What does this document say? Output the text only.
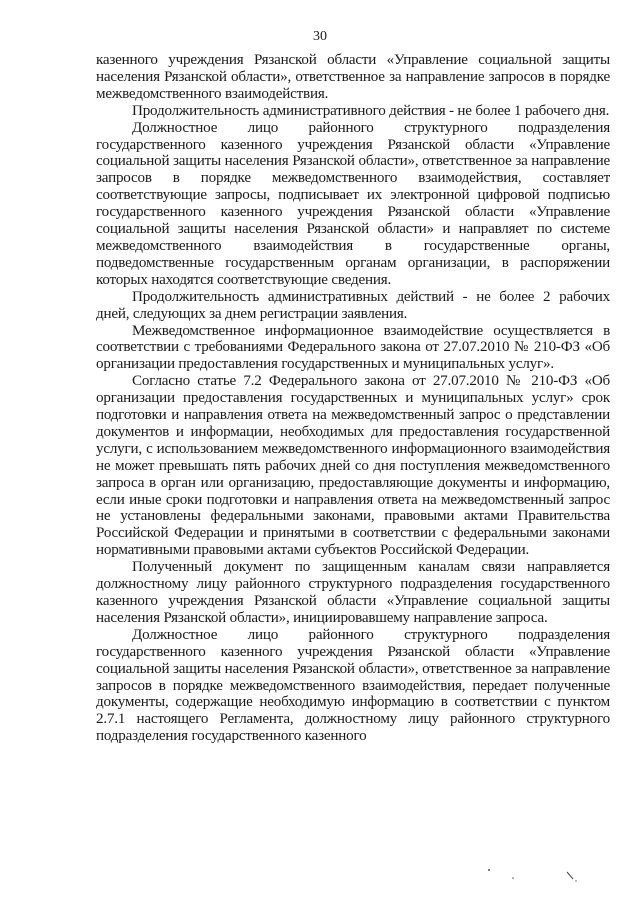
30

казенного учреждения Рязанской области «Управление социальной защиты населения Рязанской области», ответственное за направление запросов в порядке межведомственного взаимодействия.

Продолжительность административного действия - не более 1 рабочего дня.

Должностное лицо районного структурного подразделения государственного казенного учреждения Рязанской области «Управление социальной защиты населения Рязанской области», ответственное за направление запросов в порядке межведомственного взаимодействия, составляет соответствующие запросы, подписывает их электронной цифровой подписью государственного казенного учреждения Рязанской области «Управление социальной защиты населения Рязанской области» и направляет по системе межведомственного взаимодействия в государственные органы, подведомственные государственным органам организации, в распоряжении которых находятся соответствующие сведения.

Продолжительность административных действий - не более 2 рабочих дней, следующих за днем регистрации заявления.

Межведомственное информационное взаимодействие осуществляется в соответствии с требованиями Федерального закона от 27.07.2010 № 210-ФЗ «Об организации предоставления государственных и муниципальных услуг».

Согласно статье 7.2 Федерального закона от 27.07.2010 № 210-ФЗ «Об организации предоставления государственных и муниципальных услуг» срок подготовки и направления ответа на межведомственный запрос о представлении документов и информации, необходимых для предоставления государственной услуги, с использованием межведомственного информационного взаимодействия не может превышать пять рабочих дней со дня поступления межведомственного запроса в орган или организацию, предоставляющие документы и информацию, если иные сроки подготовки и направления ответа на межведомственный запрос не установлены федеральными законами, правовыми актами Правительства Российской Федерации и принятыми в соответствии с федеральными законами нормативными правовыми актами субъектов Российской Федерации.

Полученный документ по защищенным каналам связи направляется должностному лицу районного структурного подразделения государственного казенного учреждения Рязанской области «Управление социальной защиты населения Рязанской области», инициировавшему направление запроса.

Должностное лицо районного структурного подразделения государственного казенного учреждения Рязанской области «Управление социальной защиты населения Рязанской области», ответственное за направление запросов в порядке межведомственного взаимодействия, передает полученные документы, содержащие необходимую информацию в соответствии с пунктом 2.7.1 настоящего Регламента, должностному лицу районного структурного подразделения государственного казенного
